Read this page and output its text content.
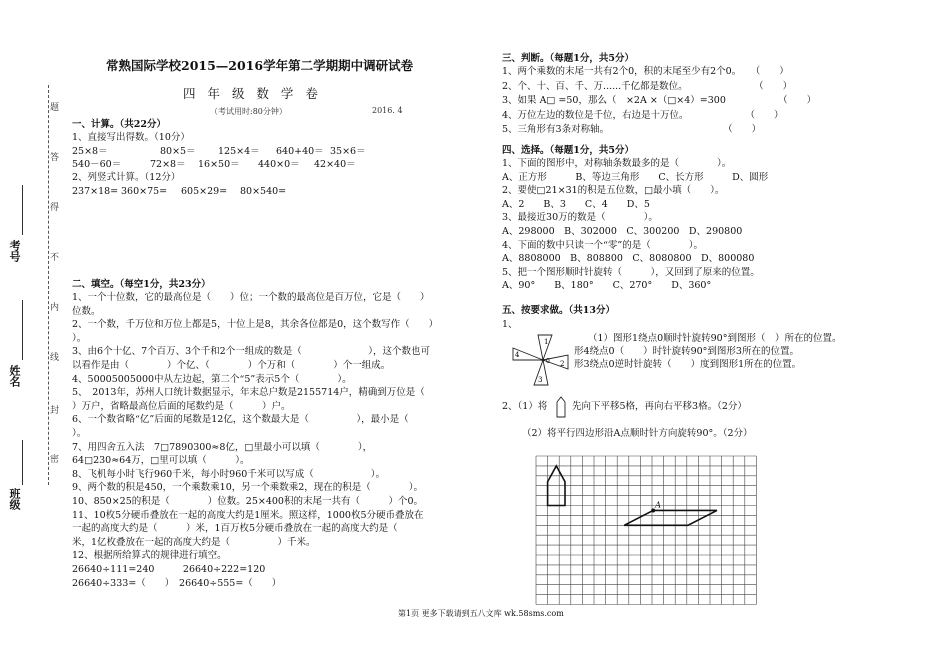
考号
姓名
班级
题
答
得
不
内
线
封
密
常熟国际学校2015—2016学年第二学期期中调研试卷
四 年 级 数 学 卷
（考试用时:80分钟）	2016. 4
一、计算。（共22分）
1、直接写出得数。（10分）
25×8＝	80×5＝ 125×4＝ 640+40＝ 35×6＝
540－60＝	72×8＝ 16×50＝ 440×0＝ 42×40＝
2、列竖式计算。（12分）
237×18= 360×75= 605×29= 80×540=
二、填空。（每空1分，共23分）
1、一个十位数，它的最高位是（　　）位；一个数的最高位是百万位，它是（　　）
位数。
2、一个数，千万位和万位上都是5，十位上是8，其余各位都是0，这个数写作（　　）
）。
3、由6个十亿、7个百万、3个千和2个一组成的数是（　　　　　　　），这个数也可
以看作是由（　　　　）个亿、（　　　　）个万和（　　　　）个一组成。
4、50005005000中从左边起，第二个“5”表示5个（　　　　）。
5、　2013年，苏州人口统计数据显示，年末总户数是2155714户，精确到万位是（
）万户，省略最高位后面的尾数约是（　　　）户。
6、一个数省略“亿”后面的尾数是12亿，这个数最大是（　　　　　），最小是（
）。
7、用四舍五入法　7□7890300≈8亿，□里最小可以填（　　　　），
64□230≈64万，□里可以填（　　　）。
8、飞机每小时飞行960千米，每小时960千米可以写成（　　　　　　）。
9、两个数的积是450，一个乘数乘10，另一个乘数乘2，现在的积是（　　　　）。
10、850×25的积是（　　　　）位数。25×400积的末尾一共有（　　　）个0。
11、10枚5分硬币叠放在一起的高度大约是1厘米。照这样，1000枚5分硬币叠放在
一起的高度大约是（　　　）米，1百万枚5分硬币叠放在一起的高度大约是（
米，1亿枚叠放在一起的高度大约是（　　　　　）千米。
12、根据所给算式的规律进行填空。
26640÷111=240　　　26640÷222=120
26640÷333=（　　）　26640÷555=（　　）
三、判断。（每题1分，共5分）
1、两个乘数的末尾一共有2个0，积的末尾至少有2个0。　　（　　）
2、个、十、百、千、万......千亿都是数位。　　　　　　　　（　　）
3、如果 A□ =50，那么（　×2A ×（□×4）=300　　　　　　（　　）
4、万位左边的数位是千位，右边是十万位。　　　　　　　（　　）
5、三角形有3条对称轴。　　　　　　　　　　　　　（　　）
四、选择。（每题1分，共5分）
1、下面的图形中，对称轴条数最多的是（　　　　）。
A、正方形　　　B、等边三角形　　C、长方形　　　D、圆形
2、要使□21×31的积是五位数，□最小填（　　）。
A、2　　B、3　　C、4　　D、5
3、最接近30万的数是（　　　　）。
A、298000　B、302000　C、300200　D、290800
4、下面的数中只读一个“零”的是（　　　　）。
A、8808000　B、808800　C、8080800　D、800080
5、把一个图形顺时针旋转（　　　），又回到了原来的位置。
A、90°　　B、180°　　C、270°　　D、360°
五、按要求做。（共13分）
1、
1
2
3
4
0
（1）图形1绕点0顺时针旋转90°到图形（　）所在的位置。
形4绕点0（　　）时针旋转90°到图形3所在的位置。
形3绕点0逆时针旋转（　　）度到图形1所在的位置。
2、（1）将	先向下平移5格，再向右平移3格。（2分）
（2）将平行四边形沿A点顺时针方向旋转90°。（2分）
A
第1页 更多下载请到五八文库 wk.58sms.com
